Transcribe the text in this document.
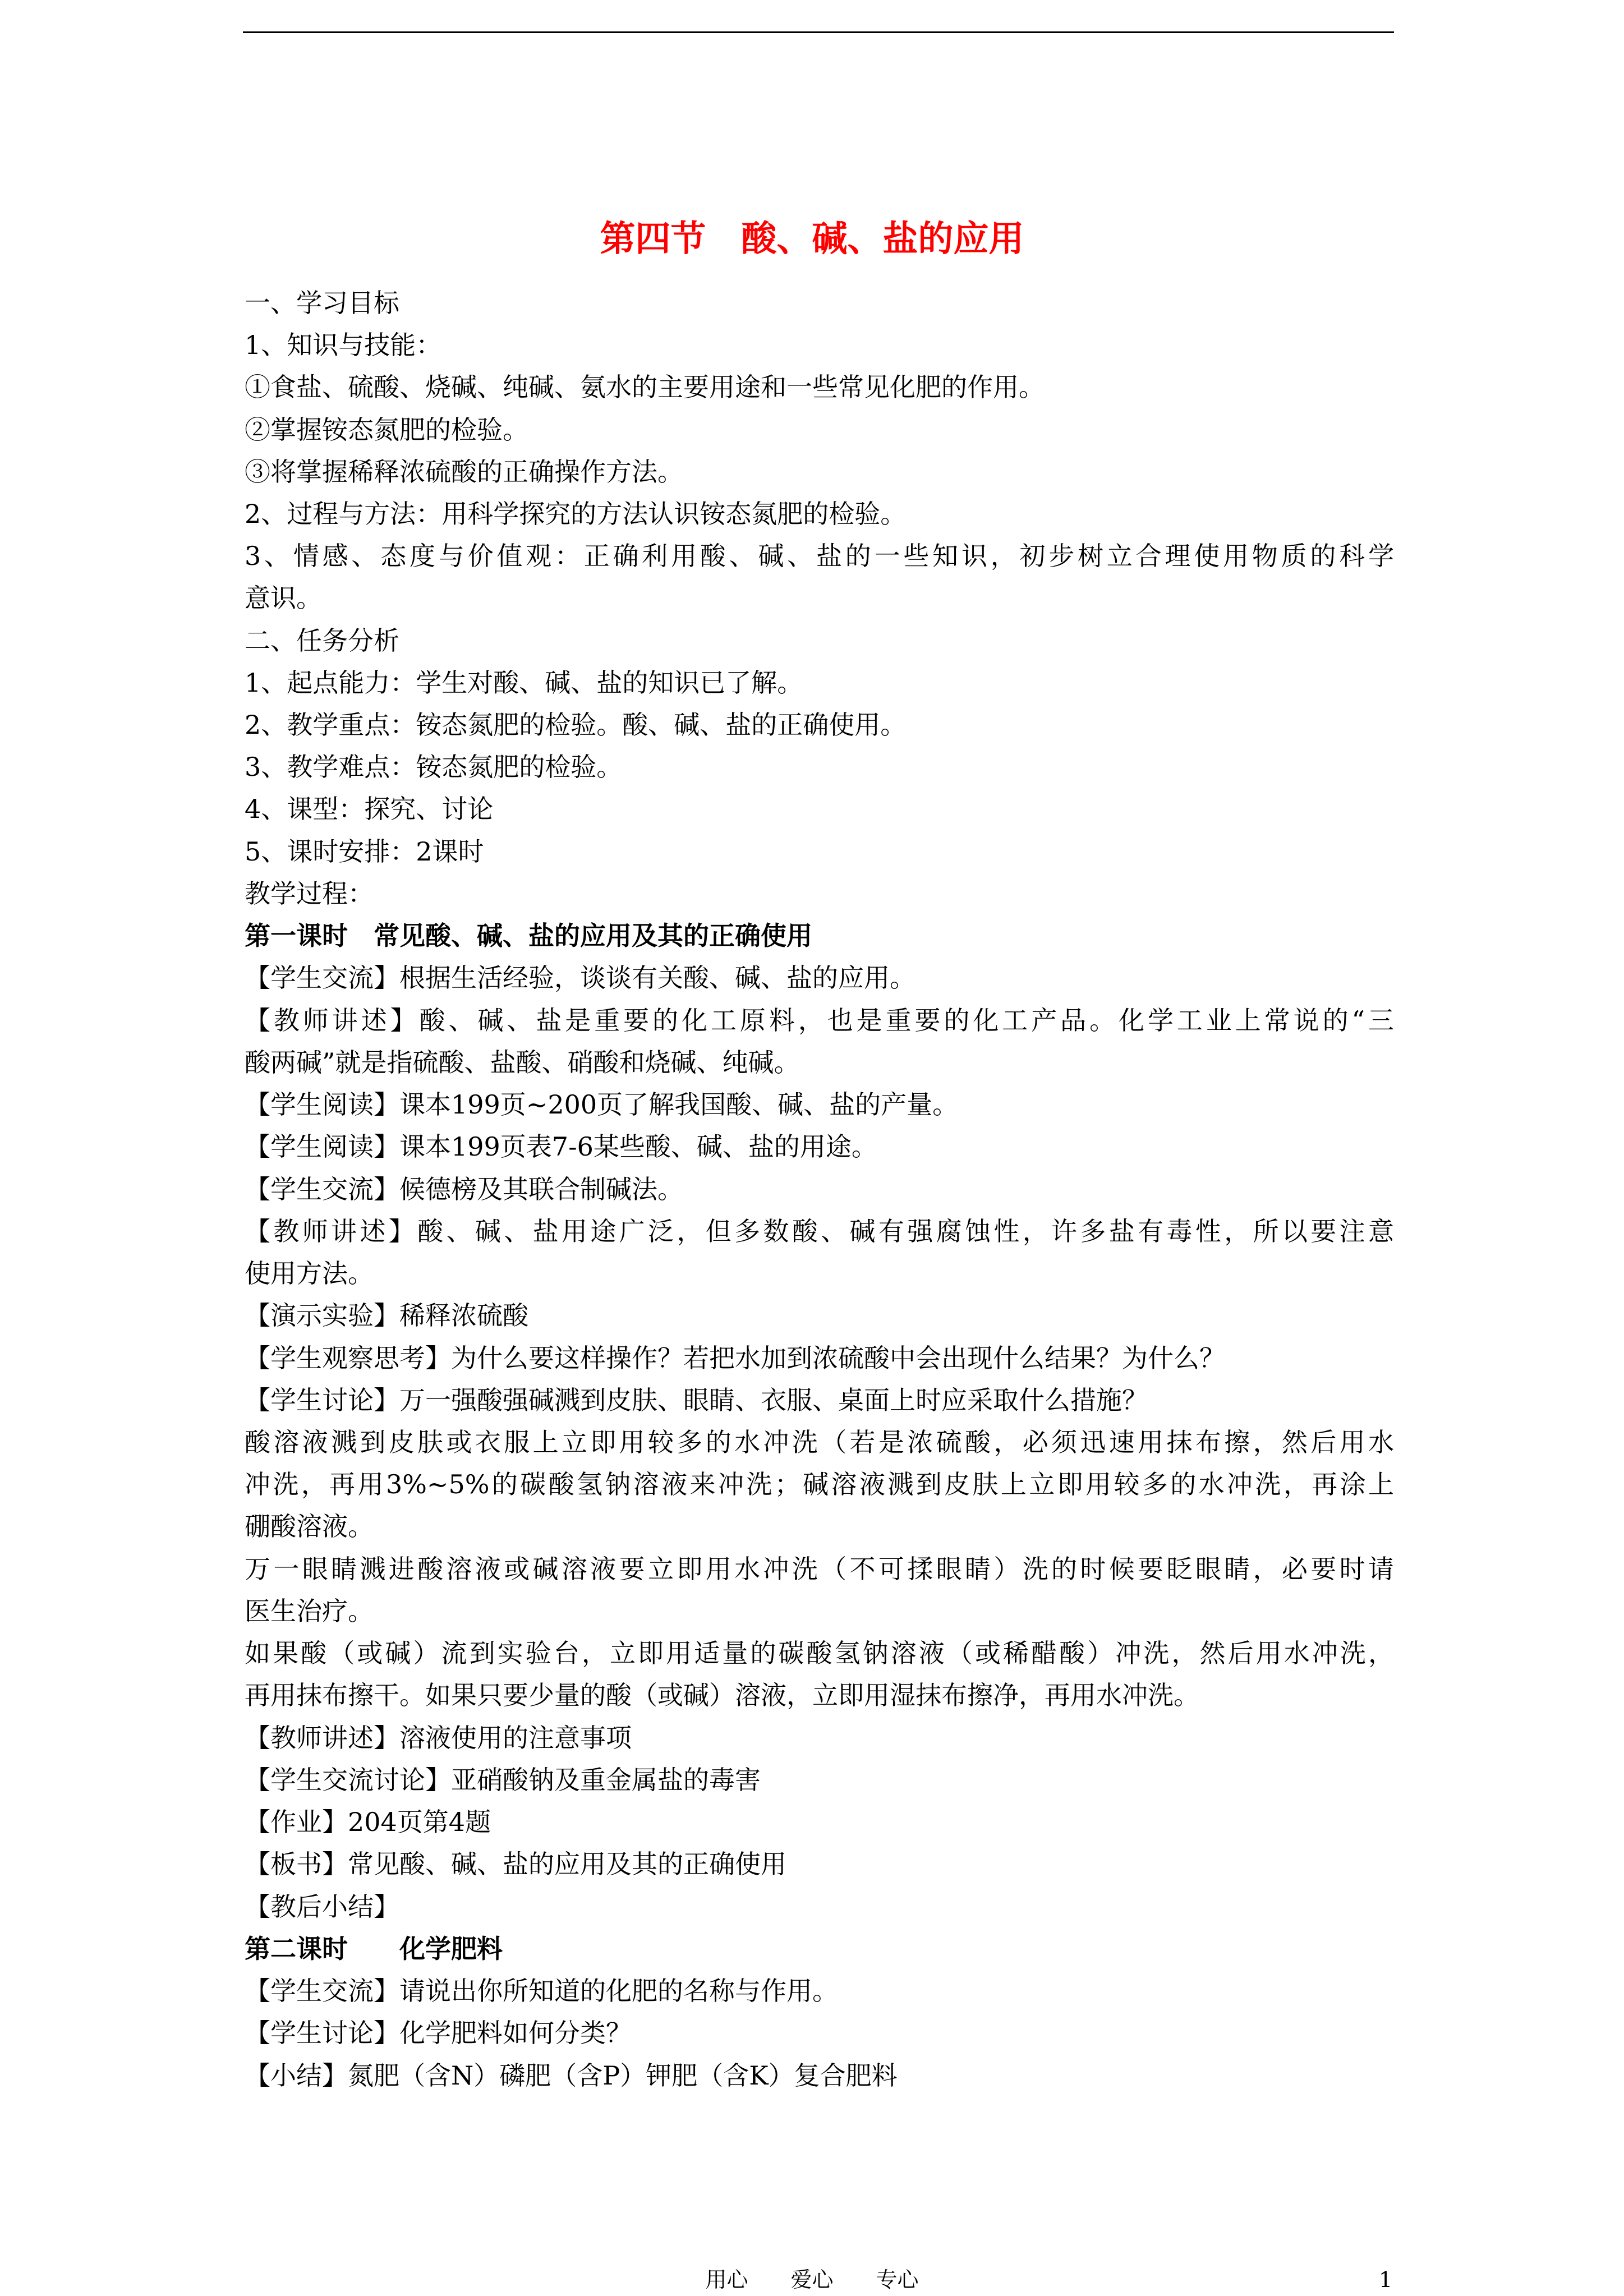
第四节　酸、碱、盐的应用

一、学习目标

1、知识与技能：

①食盐、硫酸、烧碱、纯碱、氨水的主要用途和一些常见化肥的作用。

②掌握铵态氮肥的检验。

③将掌握稀释浓硫酸的正确操作方法。

2、过程与方法：用科学探究的方法认识铵态氮肥的检验。

3、情感、态度与价值观：正确利用酸、碱、盐的一些知识，初步树立合理使用物质的科学

意识。

二、任务分析

1、起点能力：学生对酸、碱、盐的知识已了解。

2、教学重点：铵态氮肥的检验。酸、碱、盐的正确使用。

3、教学难点：铵态氮肥的检验。

4、课型：探究、讨论

5、课时安排：2课时

教学过程：

第一课时　常见酸、碱、盐的应用及其的正确使用

【学生交流】根据生活经验，谈谈有关酸、碱、盐的应用。

【教师讲述】酸、碱、盐是重要的化工原料，也是重要的化工产品。化学工业上常说的“三

酸两碱”就是指硫酸、盐酸、硝酸和烧碱、纯碱。

【学生阅读】课本199页~200页了解我国酸、碱、盐的产量。

【学生阅读】课本199页表7-6某些酸、碱、盐的用途。

【学生交流】候德榜及其联合制碱法。

【教师讲述】酸、碱、盐用途广泛，但多数酸、碱有强腐蚀性，许多盐有毒性，所以要注意

使用方法。

【演示实验】稀释浓硫酸

【学生观察思考】为什么要这样操作？若把水加到浓硫酸中会出现什么结果？为什么？

【学生讨论】万一强酸强碱溅到皮肤、眼睛、衣服、桌面上时应采取什么措施？

酸溶液溅到皮肤或衣服上立即用较多的水冲洗（若是浓硫酸，必须迅速用抹布擦，然后用水

冲洗，再用3%~5%的碳酸氢钠溶液来冲洗；碱溶液溅到皮肤上立即用较多的水冲洗，再涂上

硼酸溶液。

万一眼睛溅进酸溶液或碱溶液要立即用水冲洗（不可揉眼睛）洗的时候要眨眼睛，必要时请

医生治疗。

如果酸（或碱）流到实验台，立即用适量的碳酸氢钠溶液（或稀醋酸）冲洗，然后用水冲洗，

再用抹布擦干。如果只要少量的酸（或碱）溶液，立即用湿抹布擦净，再用水冲洗。

【教师讲述】溶液使用的注意事项

【学生交流讨论】亚硝酸钠及重金属盐的毒害

【作业】204页第4题

【板书】常见酸、碱、盐的应用及其的正确使用

【教后小结】

第二课时　　化学肥料

【学生交流】请说出你所知道的化肥的名称与作用。

【学生讨论】化学肥料如何分类？

【小结】氮肥（含N）磷肥（含P）钾肥（含K）复合肥料

用心　　爱心　　专心	1
